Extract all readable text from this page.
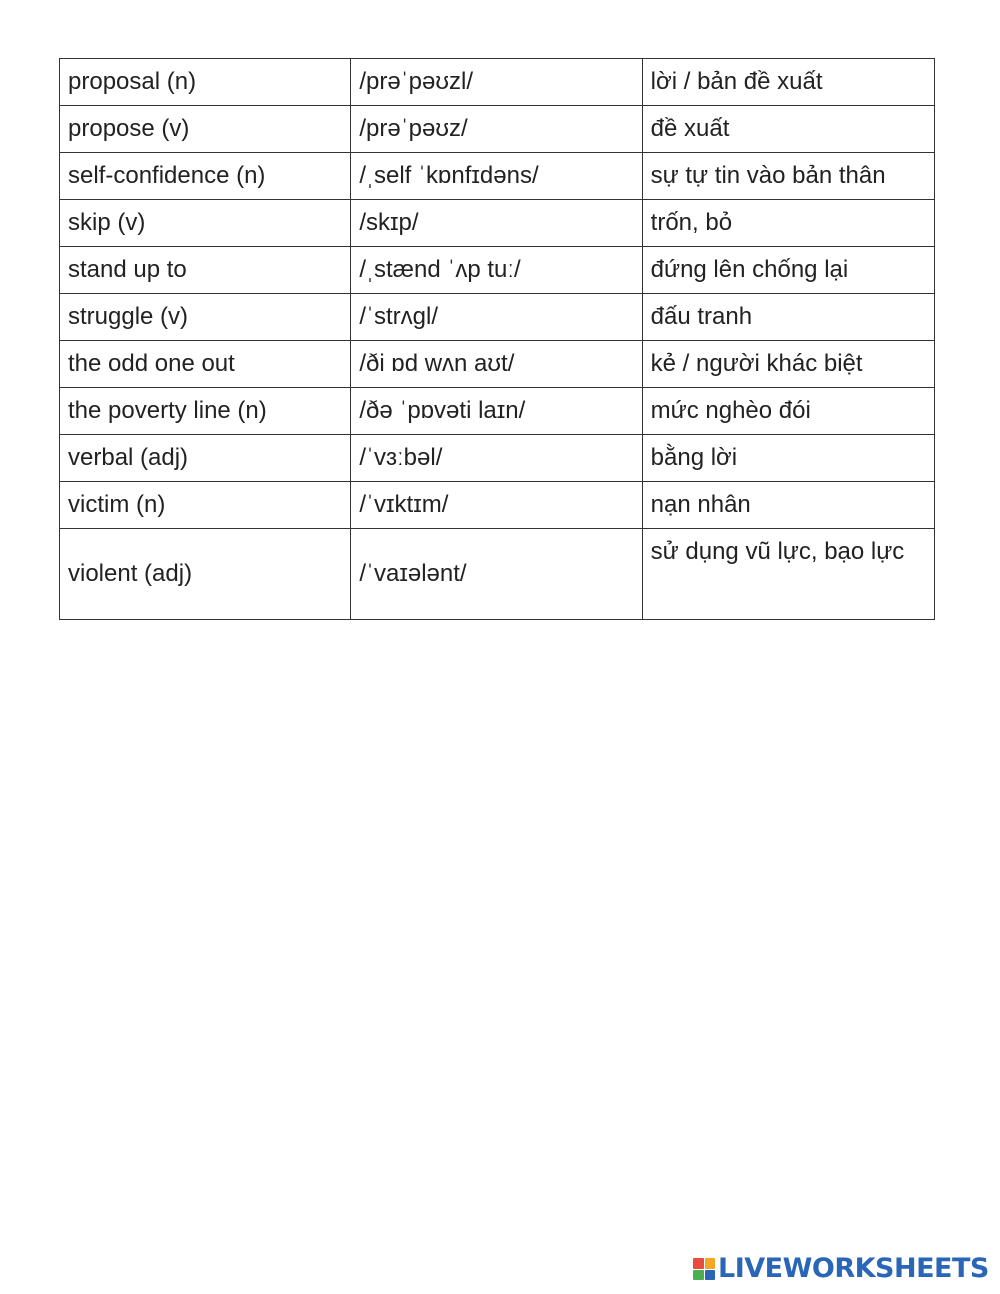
proposal (n)	/prəˈpəʊzl/	lời / bản đề xuất
propose (v)	/prəˈpəʊz/	đề xuất
self-confidence (n)	/ˌself ˈkɒnfɪdəns/	sự tự tin vào bản thân
skip (v)	/skɪp/	trốn, bỏ
stand up to	/ˌstænd ˈʌp tuː/	đứng lên chống lại
struggle (v)	/ˈstrʌgl/	đấu tranh
the odd one out	/ði ɒd wʌn aʊt/	kẻ / người khác biệt
the poverty line (n)	/ðə ˈpɒvəti laɪn/	mức nghèo đói
verbal (adj)	/ˈvɜːbəl/	bằng lời
victim (n)	/ˈvɪktɪm/	nạn nhân
violent (adj)	/ˈvaɪələnt/	sử dụng vũ lực, bạo lực
LIVEWORKSHEETS
